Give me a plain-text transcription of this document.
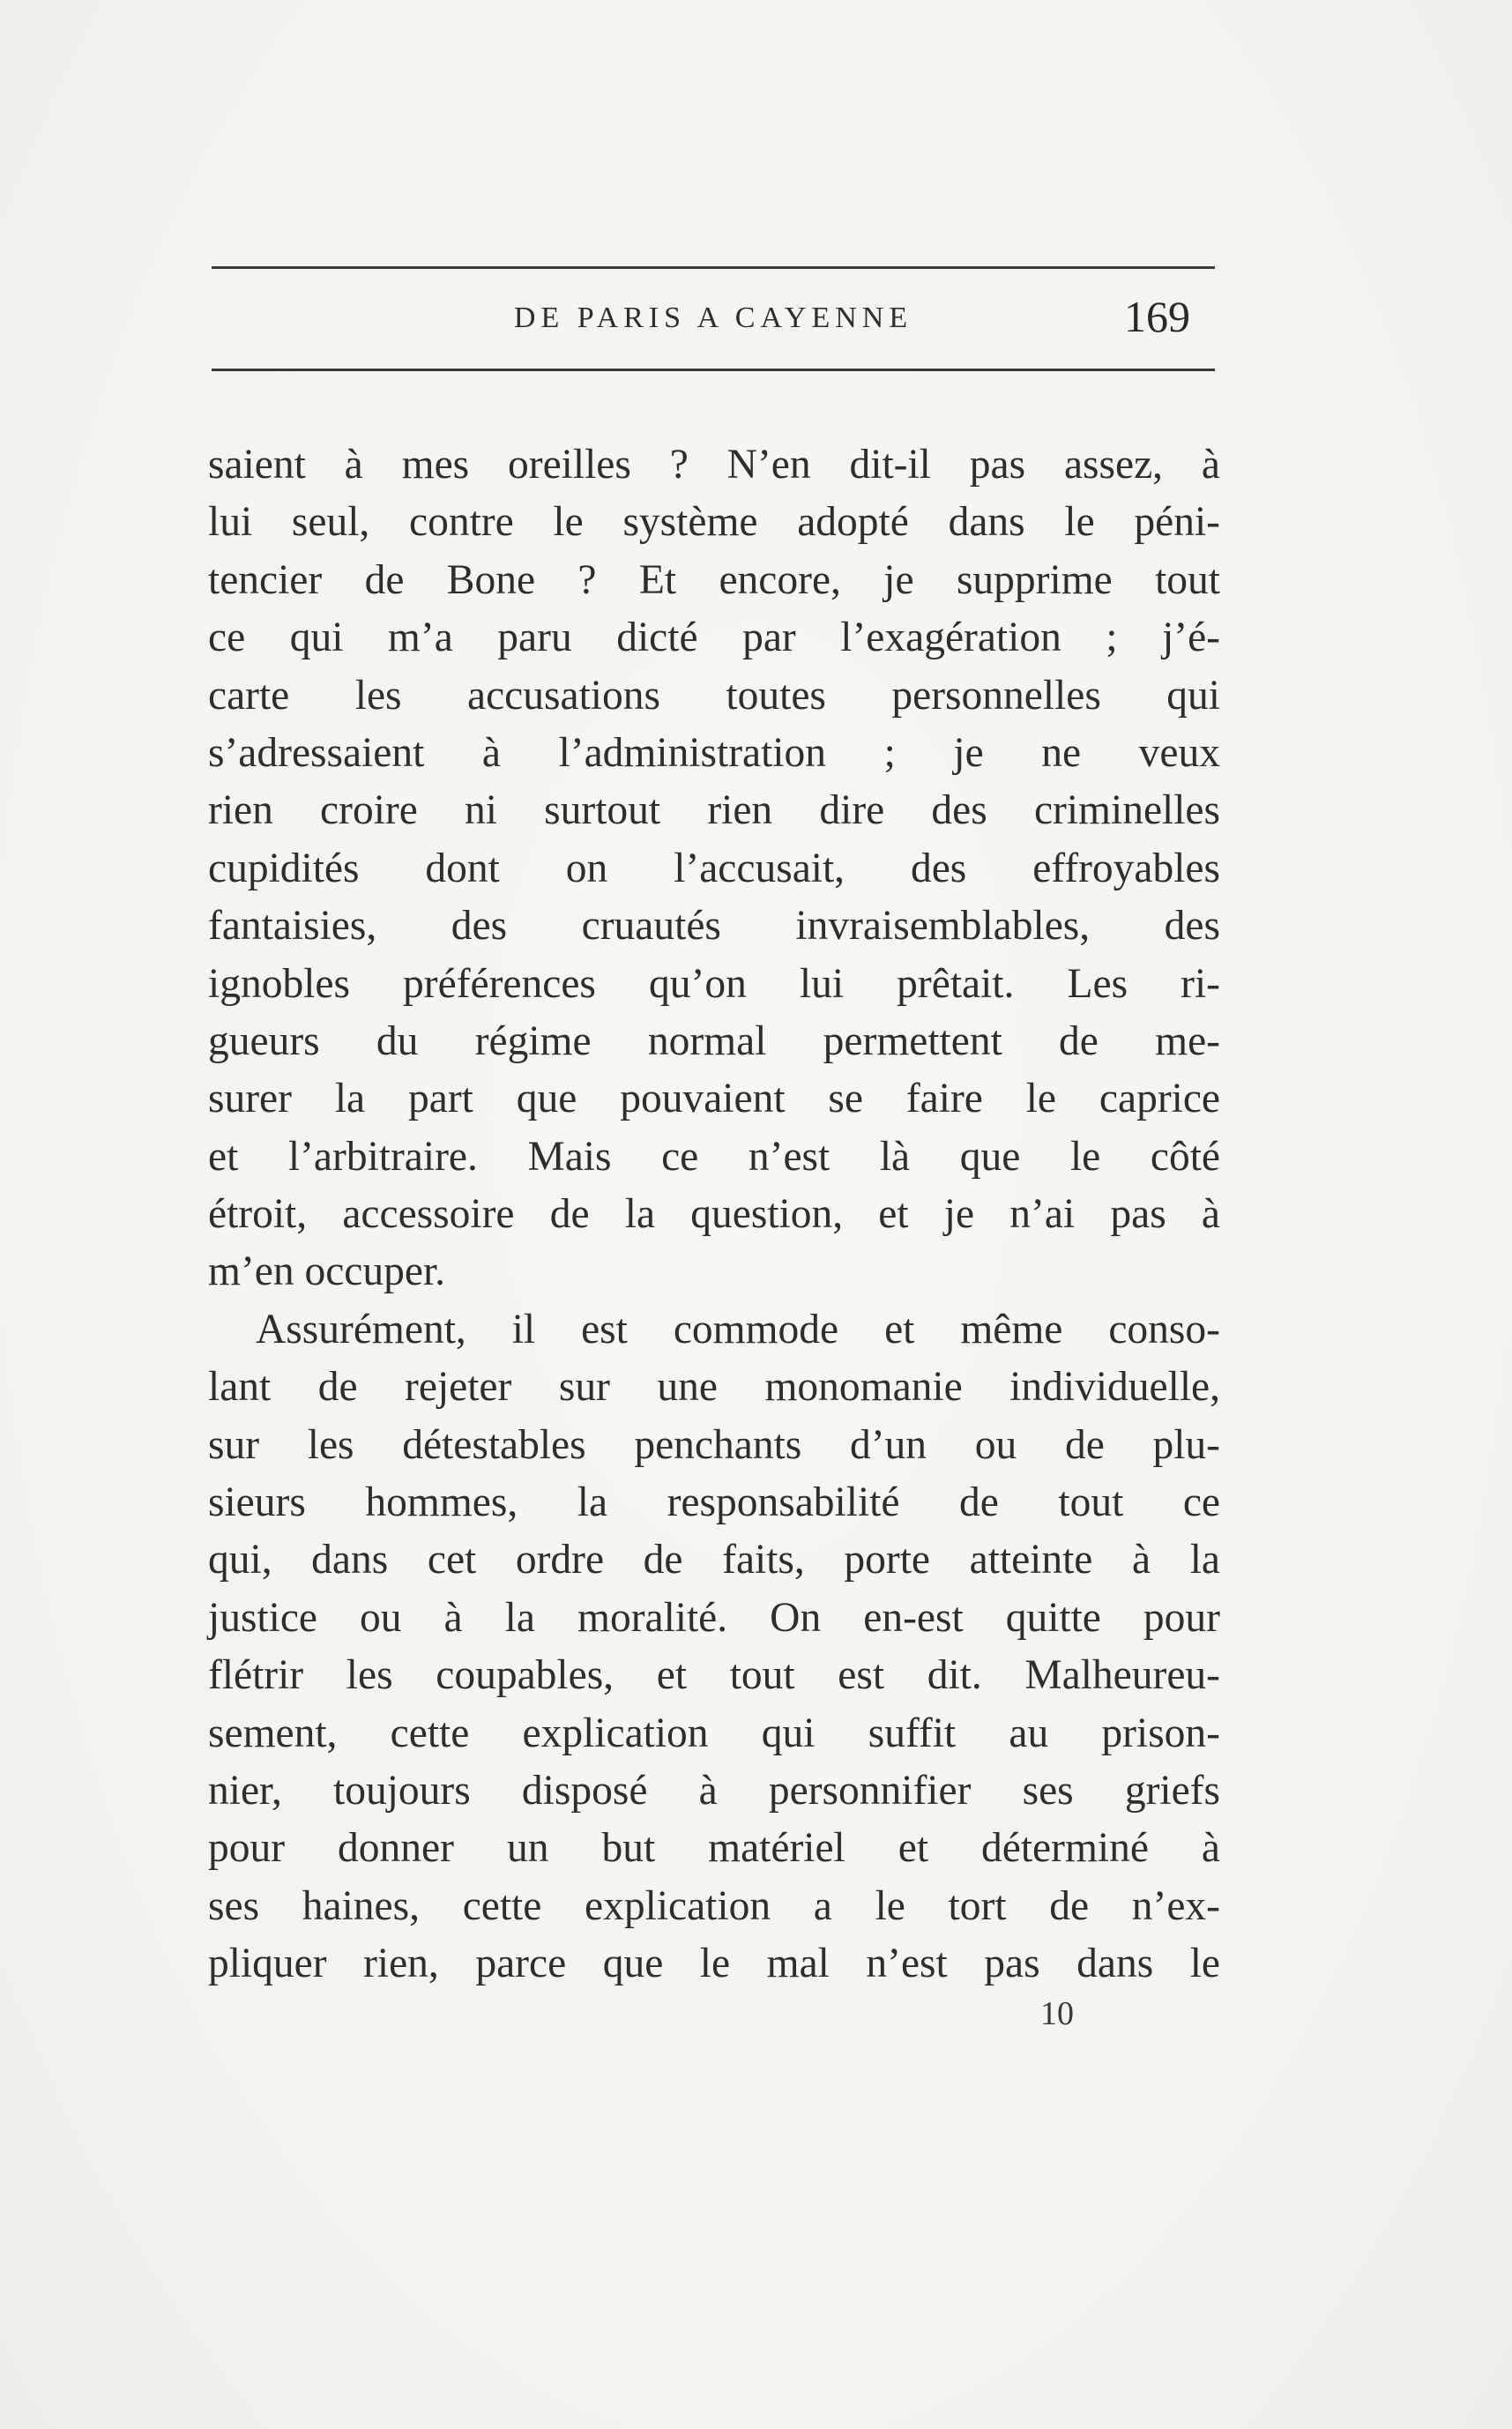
DE PARIS A CAYENNE	169
saient à mes oreilles ? N’en dit-il pas assez, à
lui seul, contre le système adopté dans le péni-
tencier de Bone ? Et encore, je supprime tout
ce qui m’a paru dicté par l’exagération ; j’é-
carte les accusations toutes personnelles qui
s’adressaient à l’administration ; je ne veux
rien croire ni surtout rien dire des criminelles
cupidités dont on l’accusait, des effroyables
fantaisies, des cruautés invraisemblables, des
ignobles préférences qu’on lui prêtait. Les ri-
gueurs du régime normal permettent de me-
surer la part que pouvaient se faire le caprice
et l’arbitraire. Mais ce n’est là que le côté
étroit, accessoire de la question, et je n’ai pas à
m’en occuper.
Assurément, il est commode et même conso-
lant de rejeter sur une monomanie individuelle,
sur les détestables penchants d’un ou de plu-
sieurs hommes, la responsabilité de tout ce
qui, dans cet ordre de faits, porte atteinte à la
justice ou à la moralité. On en-est quitte pour
flétrir les coupables, et tout est dit. Malheureu-
sement, cette explication qui suffit au prison-
nier, toujours disposé à personnifier ses griefs
pour donner un but matériel et déterminé à
ses haines, cette explication a le tort de n’ex-
pliquer rien, parce que le mal n’est pas dans le
10
